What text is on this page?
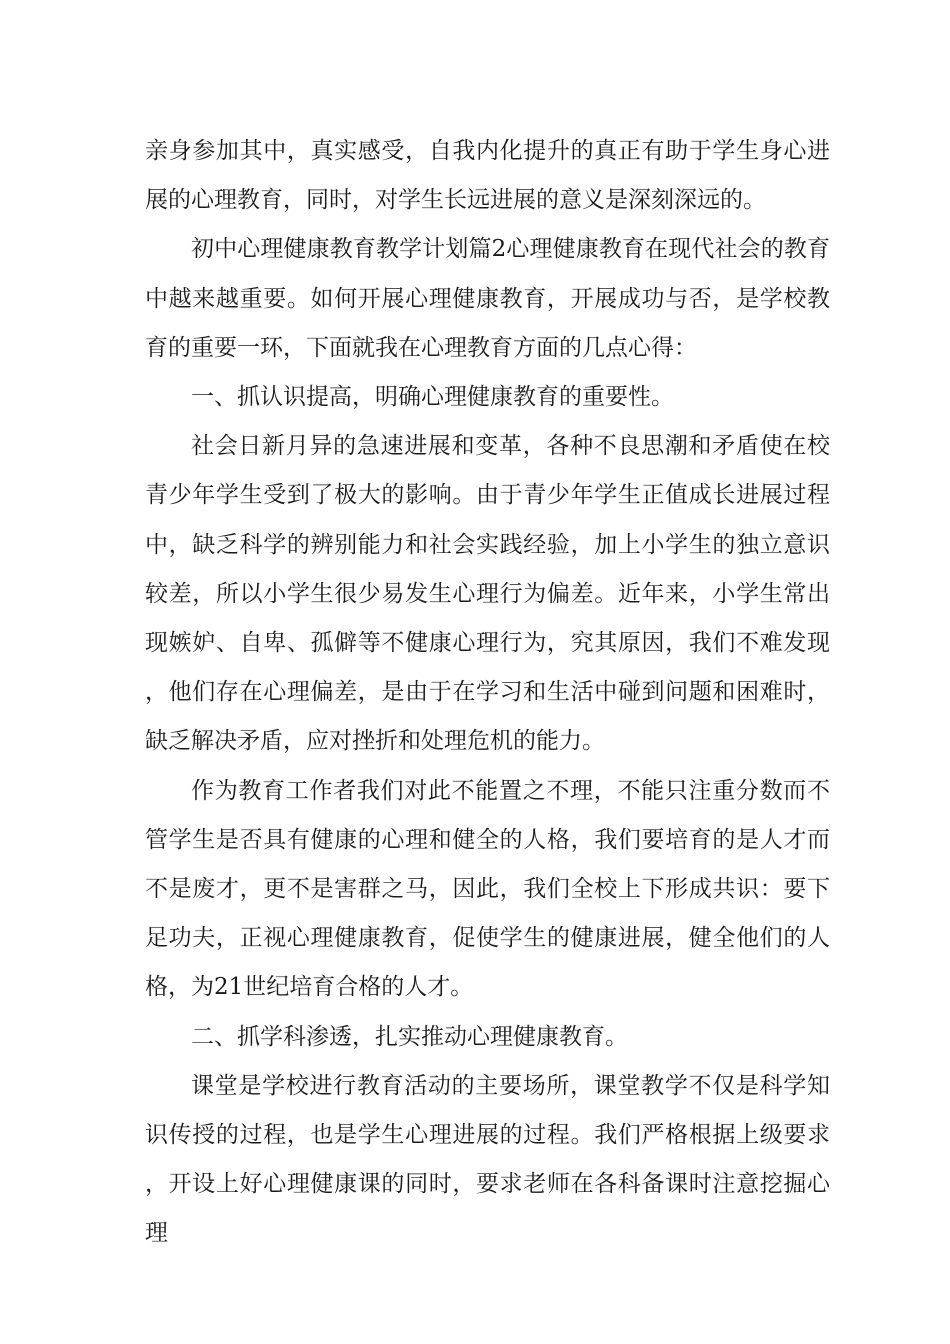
亲身参加其中，真实感受，自我内化提升的真正有助于学生身心进展的心理教育，同时，对学生长远进展的意义是深刻深远的。

初中心理健康教育教学计划篇2心理健康教育在现代社会的教育中越来越重要。如何开展心理健康教育，开展成功与否，是学校教育的重要一环，下面就我在心理教育方面的几点心得：

一、抓认识提高，明确心理健康教育的重要性。

社会日新月异的急速进展和变革，各种不良思潮和矛盾使在校青少年学生受到了极大的影响。由于青少年学生正值成长进展过程中，缺乏科学的辨别能力和社会实践经验，加上小学生的独立意识较差，所以小学生很少易发生心理行为偏差。近年来，小学生常出现嫉妒、自卑、孤僻等不健康心理行为，究其原因，我们不难发现，他们存在心理偏差，是由于在学习和生活中碰到问题和困难时，缺乏解决矛盾，应对挫折和处理危机的能力。

作为教育工作者我们对此不能置之不理，不能只注重分数而不管学生是否具有健康的心理和健全的人格，我们要培育的是人才而不是废才，更不是害群之马，因此，我们全校上下形成共识：要下足功夫，正视心理健康教育，促使学生的健康进展，健全他们的人格，为21世纪培育合格的人才。

二、抓学科渗透，扎实推动心理健康教育。

课堂是学校进行教育活动的主要场所，课堂教学不仅是科学知识传授的过程，也是学生心理进展的过程。我们严格根据上级要求，开设上好心理健康课的同时，要求老师在各科备课时注意挖掘心理
